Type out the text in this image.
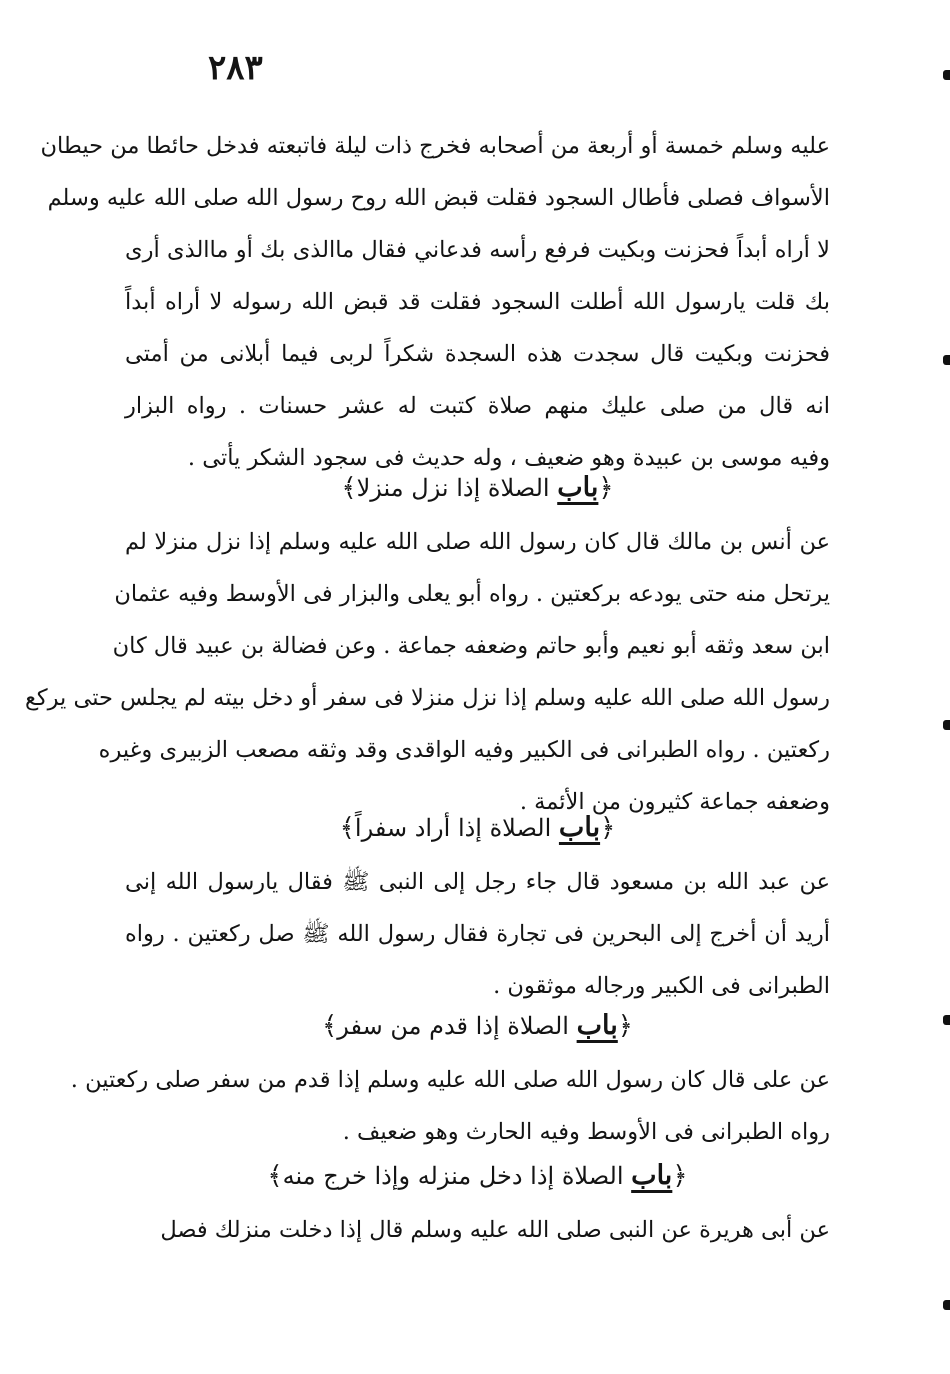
٢٨٣
عليه وسلم خمسة أو أربعة من أصحابه فخرج ذات ليلة فاتبعته فدخل حائطا من حيطان
الأسواف فصلى فأطال السجود فقلت قبض الله روح رسول الله صلى الله عليه وسلم
لا أراه أبداً فحزنت وبكيت فرفع رأسه فدعاني فقال ماالذى بك أو ماالذى أرى
بك قلت يارسول الله أطلت السجود فقلت قد قبض الله رسوله لا أراه أبداً
فحزنت وبكيت قال سجدت هذه السجدة شكراً لربى فيما أبلانى من أمتى
انه قال من صلى عليك منهم صلاة كتبت له عشر حسنات . رواه البزار
وفيه موسى بن عبيدة وهو ضعيف ، وله حديث فى سجود الشكر يأتى .
﴿باب الصلاة إذا نزل منزلا﴾
عن أنس بن مالك قال كان رسول الله صلى الله عليه وسلم إذا نزل منزلا لم
يرتحل منه حتى يودعه بركعتين . رواه أبو يعلى والبزار فى الأوسط وفيه عثمان
ابن سعد وثقه أبو نعيم وأبو حاتم وضعفه جماعة . وعن فضالة بن عبيد قال كان
رسول الله صلى الله عليه وسلم إذا نزل منزلا فى سفر أو دخل بيته لم يجلس حتى يركع
ركعتين . رواه الطبرانى فى الكبير وفيه الواقدى وقد وثقه مصعب الزبيرى وغيره
وضعفه جماعة كثيرون من الأئمة .
﴿باب الصلاة إذا أراد سفراً﴾
عن عبد الله بن مسعود قال جاء رجل إلى النبى ﷺ فقال يارسول الله إنى
أريد أن أخرج إلى البحرين فى تجارة فقال رسول الله ﷺ صل ركعتين . رواه
الطبرانى فى الكبير ورجاله موثقون .
﴿باب الصلاة إذا قدم من سفر﴾
عن على قال كان رسول الله صلى الله عليه وسلم إذا قدم من سفر صلى ركعتين .
رواه الطبرانى فى الأوسط وفيه الحارث وهو ضعيف .
﴿باب الصلاة إذا دخل منزله وإذا خرج منه﴾
عن أبى هريرة عن النبى صلى الله عليه وسلم قال إذا دخلت منزلك فصل
